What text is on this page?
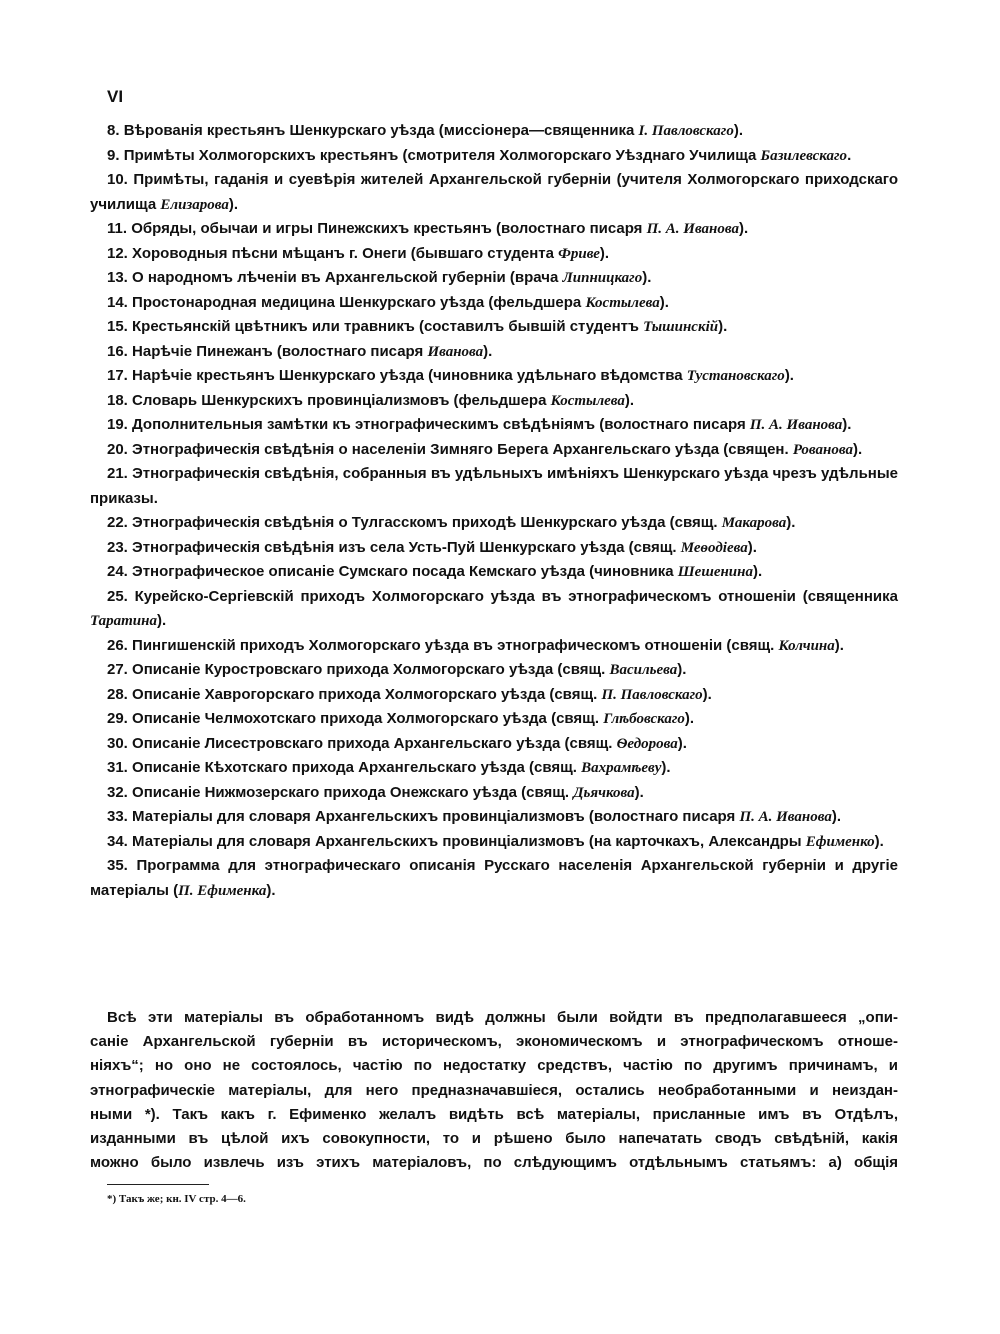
VI

8. Вѣрованія крестьянъ Шенкурскаго уѣзда (миссіонера—священника І. Павловскаго).

9. Примѣты Холмогорскихъ крестьянъ (смотрителя Холмогорскаго Уѣзднаго Училища Базилевскаго.

10. Примѣты, гаданія и суевѣрія жителей Архангельской губерніи (учителя Холмогорскаго приходскаго училища Елизарова).

11. Обряды, обычаи и игры Пинежскихъ крестьянъ (волостнаго писаря П. А. Иванова).

12. Хороводныя пѣсни мѣщанъ г. Онеги (бывшаго студента Фриве).

13. О народномъ лѣченіи въ Архангельской губерніи (врача Липницкаго).

14. Простонародная медицина Шенкурскаго уѣзда (фельдшера Костылева).

15. Крестьянскій цвѣтникъ или травникъ (составилъ бывшій студентъ Тышинскій).

16. Нарѣчіе Пинежанъ (волостнаго писаря Иванова).

17. Нарѣчіе крестьянъ Шенкурскаго уѣзда (чиновника удѣльнаго вѣдомства Тустановскаго).

18. Словарь Шенкурскихъ провинціализмовъ (фельдшера Костылева).

19. Дополнительныя замѣтки къ этнографическимъ свѣдѣніямъ (волостнаго писаря П. А. Иванова).

20. Этнографическія свѣдѣнія о населеніи Зимняго Берега Архангельскаго уѣзда (священ. Рованова).

21. Этнографическія свѣдѣнія, собранныя въ удѣльныхъ имѣніяхъ Шенкурскаго уѣзда чрезъ удѣльные приказы.

22. Этнографическія свѣдѣнія о Тулгасскомъ приходѣ Шенкурскаго уѣзда (свящ. Макарова).

23. Этнографическія свѣдѣнія изъ села Усть-Пуй Шенкурскаго уѣзда (свящ. Меѳодіева).

24. Этнографическое описаніе Сумскаго посада Кемскаго уѣзда (чиновника Шешенина).

25. Курейско-Сергіевскій приходъ Холмогорскаго уѣзда въ этнографическомъ отношеніи (священника Таратина).

26. Пингишенскій приходъ Холмогорскаго уѣзда въ этнографическомъ отношеніи (свящ. Колчина).

27. Описаніе Куростровскаго прихода Холмогорскаго уѣзда (свящ. Васильева).

28. Описаніе Хаврогорскаго прихода Холмогорскаго уѣзда (свящ. П. Павловскаго).

29. Описаніе Челмохотскаго прихода Холмогорскаго уѣзда (свящ. Глѣбовскаго).

30. Описаніе Лисестровскаго прихода Архангельскаго уѣзда (свящ. Ѳедорова).

31. Описаніе Кѣхотскаго прихода Архангельскаго уѣзда (свящ. Вахрамѣеву).

32. Описаніе Нижмозерскаго прихода Онежскаго уѣзда (свящ. Дьячкова).

33. Матеріалы для словаря Архангельскихъ провинціализмовъ (волостнаго писаря П. А. Иванова).

34. Матеріалы для словаря Архангельскихъ провинціализмовъ (на карточкахъ, Александры Ефименко).

35. Программа для этнографическаго описанія Русскаго населенія Архангельской губерніи и другіе матеріалы (П. Ефименка).

Всѣ эти матеріалы въ обработанномъ видѣ должны были войдти въ предполагавшееся „опи-
саніе Архангельской губерніи въ историческомъ, экономическомъ и этнографическомъ отноше-
ніяхъ“; но оно не состоялось, частію по недостатку средствъ, частію по другимъ причинамъ, и
этнографическіе матеріалы, для него предназначавшіеся, остались необработанными и неиздан-
ными *). Такъ какъ г. Ефименко желалъ видѣть всѣ матеріалы, присланные имъ въ Отдѣлъ,
изданными въ цѣлой ихъ совокупности, то и рѣшено было напечатать сводъ свѣдѣній, какія
можно было извлечь изъ этихъ матеріаловъ, по слѣдующимъ отдѣльнымъ статьямъ: а) общія
*) Такъ же; кн. IV стр. 4—6.
